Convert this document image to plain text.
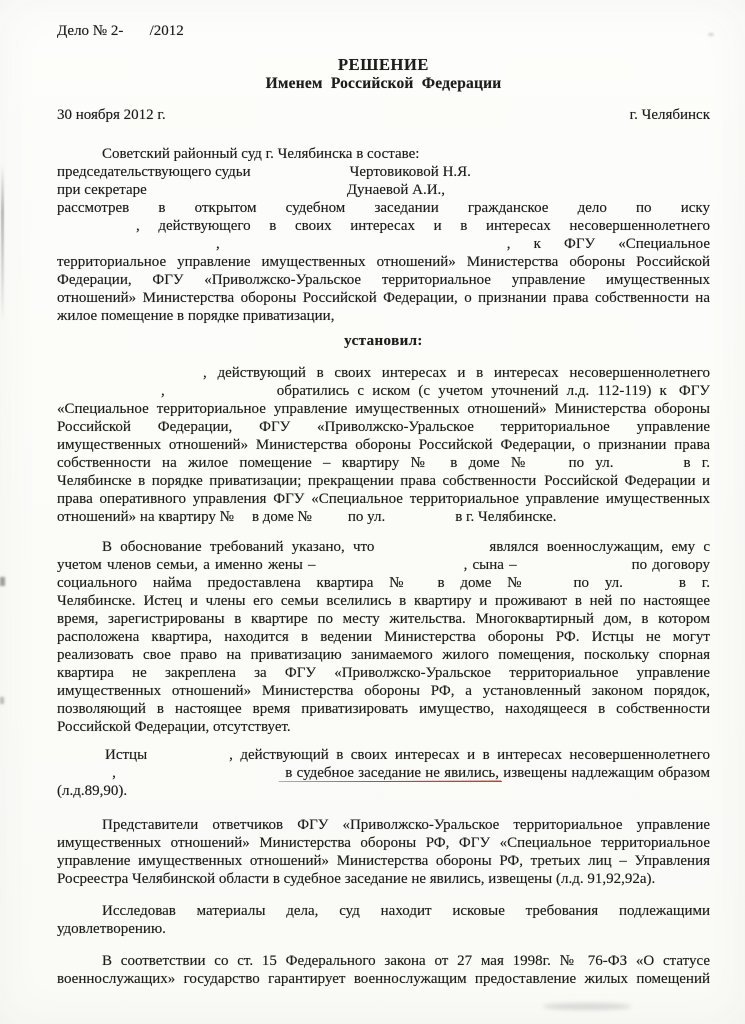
Дело № 2-       /2012
РЕШЕНИЕ
Именем  Российской  Федерации
30 ноября 2012 г.	г. Челябинск
Советский районный суд г. Челябинска в составе:
председательствующего судьи	Чертовиковой Н.Я.
при секретаре	Дунаевой А.И.,
рассмотрев в открытом судебном заседании гражданское дело по иску
, действующего в своих интересах и в интересах несовершеннолетнего
,	, к ФГУ «Специальное
территориальное управление имущественных отношений» Министерства обороны Российской
Федерации, ФГУ «Приволжско-Уральское территориальное управление имущественных
отношений» Министерства обороны Российской Федерации, о признании права собственности на
жилое помещение в порядке приватизации,
установил:
, действующий в своих интересах и в интересах несовершеннолетнего
,	обратились с иском (с учетом уточнений л.д. 112-119) к ФГУ
«Специальное территориальное управление имущественных отношений» Министерства обороны
Российской Федерации, ФГУ «Приволжско-Уральское территориальное управление
имущественных отношений» Министерства обороны Российской Федерации, о признании права
собственности на жилое помещение – квартиру № в доме № по ул.	в г.
Челябинске в порядке приватизации; прекращении права собственности Российской Федерации и
права оперативного управления ФГУ «Специальное территориальное управление имущественных
отношений» на квартиру № в доме № по ул.	в г. Челябинске.
В обоснование требований указано, что	являлся военнослужащим, ему с
учетом членов семьи, а именно жены –	, сына –	по договору
социального найма предоставлена квартира № в доме №	по ул.	в г.
Челябинске. Истец и члены его семьи вселились в квартиру и проживают в ней по настоящее
время, зарегистрированы в квартире по месту жительства. Многоквартирный дом, в котором
расположена квартира, находится в ведении Министерства обороны РФ. Истцы не могут
реализовать свое право на приватизацию занимаемого жилого помещения, поскольку спорная
квартира не закреплена за ФГУ «Приволжско-Уральское территориальное управление
имущественных отношений» Министерства обороны РФ, а установленный законом порядок,
позволяющий в настоящее время приватизировать имущество, находящееся в собственности
Российской Федерации, отсутствует.
Истцы	, действующий в своих интересах и в интересах несовершеннолетнего
,                                        в судебное заседание не явились, извещены надлежащим образом
(л.д.89,90).
Представители ответчиков ФГУ «Приволжско-Уральское территориальное управление
имущественных отношений» Министерства обороны РФ, ФГУ «Специальное территориальное
управление имущественных отношений» Министерства обороны РФ, третьих лиц – Управления
Росреестра Челябинской области в судебное заседание не явились, извещены (л.д. 91,92,92а).
Исследовав материалы дела, суд находит исковые требования подлежащими
удовлетворению.
В соответствии со ст. 15 Федерального закона от 27 мая 1998г. № 76-ФЗ «О статусе
военнослужащих» государство гарантирует военнослужащим предоставление жилых помещений
